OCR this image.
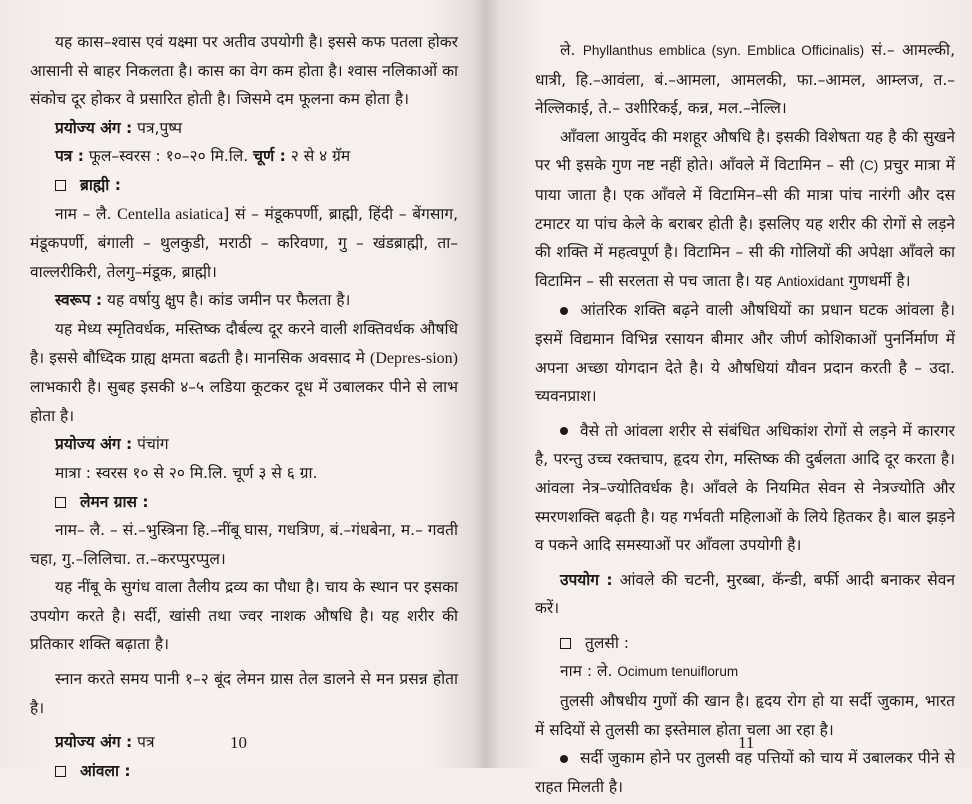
यह कास–श्वास एवं यक्ष्मा पर अतीव उपयोगी है। इससे कफ पतला होकर आसानी से बाहर निकलता है। कास का वेग कम होता है। श्वास नलिकाओं का संकोच दूर होकर वे प्रसारित होती है। जिसमे दम फूलना कम होता है।

प्रयोज्य अंग : पत्र,पुष्प

पत्र : फूल–स्वरस : १०–२० मि.लि. चूर्ण : २ से ४ ग्रॅम

ब्राह्मी :

नाम – लै. Centella asiatica] सं – मंडूकपर्णी, ब्राह्मी, हिंदी – बेंगसाग, मंडूकपर्णी, बंगाली – थुलकुडी, मराठी – करिवणा, गु – खंडब्राह्मी, ता– वाल्लरीकिरी, तेलगु–मंडूक, ब्राह्मी।

स्वरूप : यह वर्षायु क्षुप है। कांड जमीन पर फैलता है।

यह मेध्य स्मृतिवर्धक, मस्तिष्क दौर्बल्य दूर करने वाली शक्तिवर्धक औषधि है। इससे बौध्दिक ग्राह्य क्षमता बढती है। मानसिक अवसाद मे (Depres-sion) लाभकारी है। सुबह इसकी ४–५ लडिया कूटकर दूध में उबालकर पीने से लाभ होता है।

प्रयोज्य अंग : पंचांग

मात्रा : स्वरस १० से २० मि.लि. चूर्ण ३ से ६ ग्रा.

लेमन ग्रास :

नाम– लै. – सं.–भुस्त्रिना हि.–नींबू घास, गधत्रिण, बं.–गंधबेना, म.– गवती चहा, गु.–लिलिचा. त.–करप्पुरप्पुल।

यह नींबू के सुगंध वाला तैलीय द्रव्य का पौधा है। चाय के स्थान पर इसका उपयोग करते है। सर्दी, खांसी तथा ज्वर नाशक औषधि है। यह शरीर की प्रतिकार शक्ति बढ़ाता है।

स्नान करते समय पानी १–२ बूंद लेमन ग्रास तेल डालने से मन प्रसन्न होता है।

प्रयोज्य अंग : पत्र

आंवला :

10

ले. Phyllanthus emblica (syn. Emblica Officinalis) सं.– आमल्की, धात्री, हि.–आवंला, बं.–आमला, आमलकी, फा.–आमल, आम्लज, त.– नेल्लिकाई, ते.– उशीरिकई, कन्न, मल.–नेल्लि।

आँवला आयुर्वेद की मशहूर औषधि है। इसकी विशेषता यह है की सुखने पर भी इसके गुण नष्ट नहीं होते। आँवले में विटामिन – सी (C) प्रचुर मात्रा में पाया जाता है। एक आँवले में विटामिन–सी की मात्रा पांच नारंगी और दस टमाटर या पांच केले के बराबर होती है। इसलिए यह शरीर की रोगों से लड़ने की शक्ति में महत्वपूर्ण है। विटामिन – सी की गोलियों की अपेक्षा आँवले का विटामिन – सी सरलता से पच जाता है। यह Antioxidant गुणधर्मी है।

आंतरिक शक्ति बढ़ने वाली औषधियों का प्रधान घटक आंवला है। इसमें विद्यमान विभिन्न रसायन बीमार और जीर्ण कोशिकाओं पुनर्निर्माण में अपना अच्छा योगदान देते है। ये औषधियां यौवन प्रदान करती है – उदा. च्यवनप्राश।

वैसे तो आंवला शरीर से संबंधित अधिकांश रोगों से लड़ने में कारगर है, परन्तु उच्च रक्तचाप, हृदय रोग, मस्तिष्क की दुर्बलता आदि दूर करता है। आंवला नेत्र–ज्योतिवर्धक है। आँवले के नियमित सेवन से नेत्रज्योति और स्मरणशक्ति बढ़ती है। यह गर्भवती महिलाओं के लिये हितकर है। बाल झड़ने व पकने आदि समस्याओं पर आँवला उपयोगी है।

उपयोग : आंवले की चटनी, मुरब्बा, कॅन्डी, बर्फी आदी बनाकर सेवन करें।

तुलसी :

नाम : ले. Ocimum tenuiflorum

तुलसी औषधीय गुणों की खान है। हृदय रोग हो या सर्दी जुकाम, भारत में सदियों से तुलसी का इस्तेमाल होता चला आ रहा है।

सर्दी जुकाम होने पर तुलसी वह पत्तियों को चाय में उबालकर पीने से राहत मिलती है।

11
